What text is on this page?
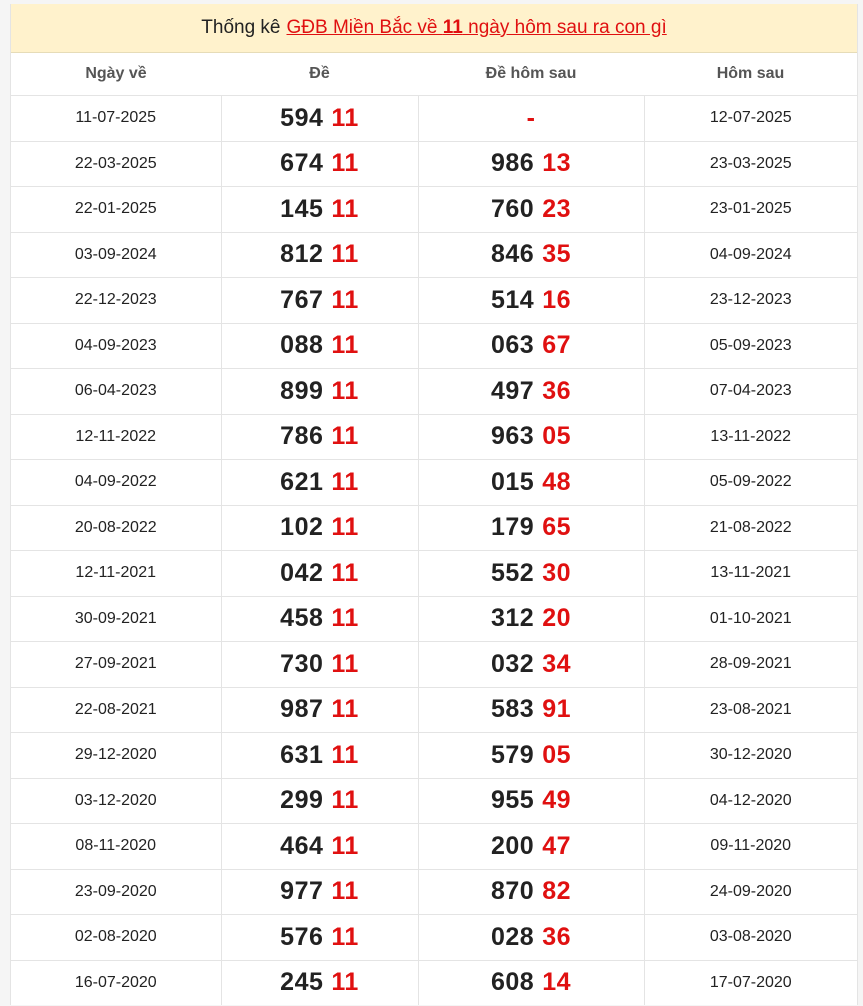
Thống kê GĐB Miền Bắc về 11 ngày hôm sau ra con gì
Ngày về	Đề	Đề hôm sau	Hôm sau
11-07-2025	594 11	-	12-07-2025
22-03-2025	674 11	986 13	23-03-2025
22-01-2025	145 11	760 23	23-01-2025
03-09-2024	812 11	846 35	04-09-2024
22-12-2023	767 11	514 16	23-12-2023
04-09-2023	088 11	063 67	05-09-2023
06-04-2023	899 11	497 36	07-04-2023
12-11-2022	786 11	963 05	13-11-2022
04-09-2022	621 11	015 48	05-09-2022
20-08-2022	102 11	179 65	21-08-2022
12-11-2021	042 11	552 30	13-11-2021
30-09-2021	458 11	312 20	01-10-2021
27-09-2021	730 11	032 34	28-09-2021
22-08-2021	987 11	583 91	23-08-2021
29-12-2020	631 11	579 05	30-12-2020
03-12-2020	299 11	955 49	04-12-2020
08-11-2020	464 11	200 47	09-11-2020
23-09-2020	977 11	870 82	24-09-2020
02-08-2020	576 11	028 36	03-08-2020
16-07-2020	245 11	608 14	17-07-2020
